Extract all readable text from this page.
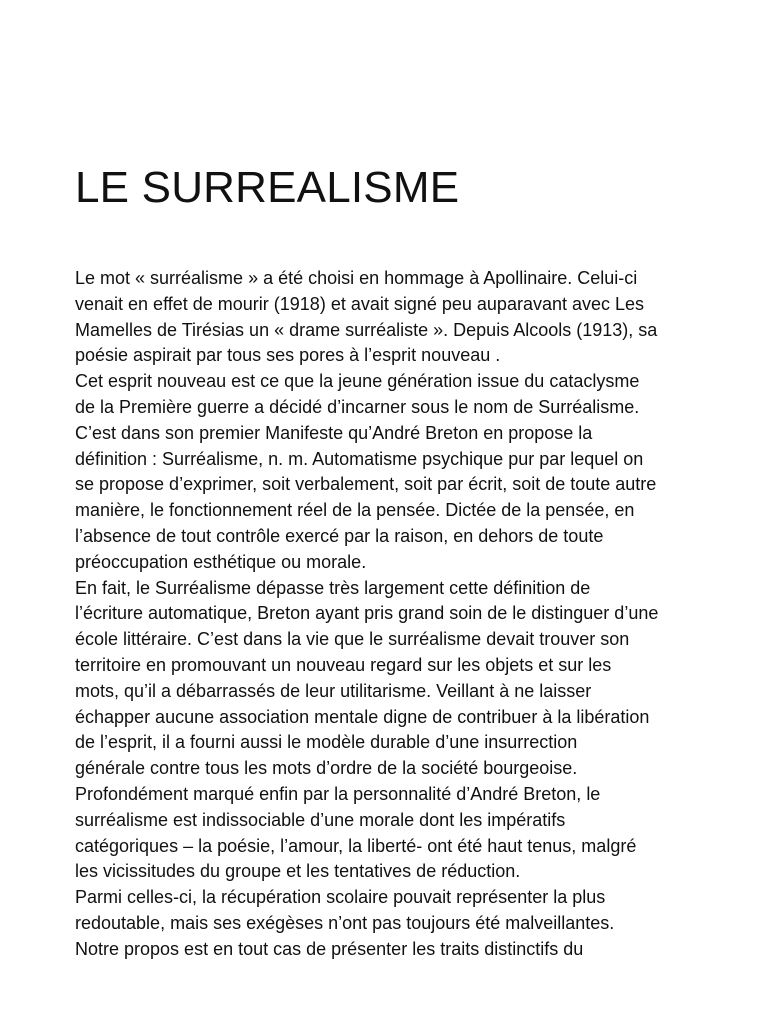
LE SURREALISME
Le mot « surréalisme » a été choisi en hommage à Apollinaire. Celui-ci
venait en effet de mourir (1918) et avait signé peu auparavant avec Les
Mamelles de Tirésias un « drame surréaliste ». Depuis Alcools (1913), sa
poésie aspirait par tous ses pores à l’esprit nouveau .
Cet esprit nouveau est ce que la jeune génération issue du cataclysme
de la Première guerre a décidé d’incarner sous le nom de Surréalisme.
C’est dans son premier Manifeste qu’André Breton en propose la
définition : Surréalisme, n. m. Automatisme psychique pur par lequel on
se propose d’exprimer, soit verbalement, soit par écrit, soit de toute autre
manière, le fonctionnement réel de la pensée. Dictée de la pensée, en
l’absence de tout contrôle exercé par la raison, en dehors de toute
préoccupation esthétique ou morale.
En fait, le Surréalisme dépasse très largement cette définition de
l’écriture automatique, Breton ayant pris grand soin de le distinguer d’une
école littéraire. C’est dans la vie que le surréalisme devait trouver son
territoire en promouvant un nouveau regard sur les objets et sur les
mots, qu’il a débarrassés de leur utilitarisme. Veillant à ne laisser
échapper aucune association mentale digne de contribuer à la libération
de l’esprit, il a fourni aussi le modèle durable d’une insurrection
générale contre tous les mots d’ordre de la société bourgeoise.
Profondément marqué enfin par la personnalité d’André Breton, le
surréalisme est indissociable d’une morale dont les impératifs
catégoriques – la poésie, l’amour, la liberté- ont été haut tenus, malgré
les vicissitudes du groupe et les tentatives de réduction.
Parmi celles-ci, la récupération scolaire pouvait représenter la plus
redoutable, mais ses exégèses n’ont pas toujours été malveillantes.
Notre propos est en tout cas de présenter les traits distinctifs du
